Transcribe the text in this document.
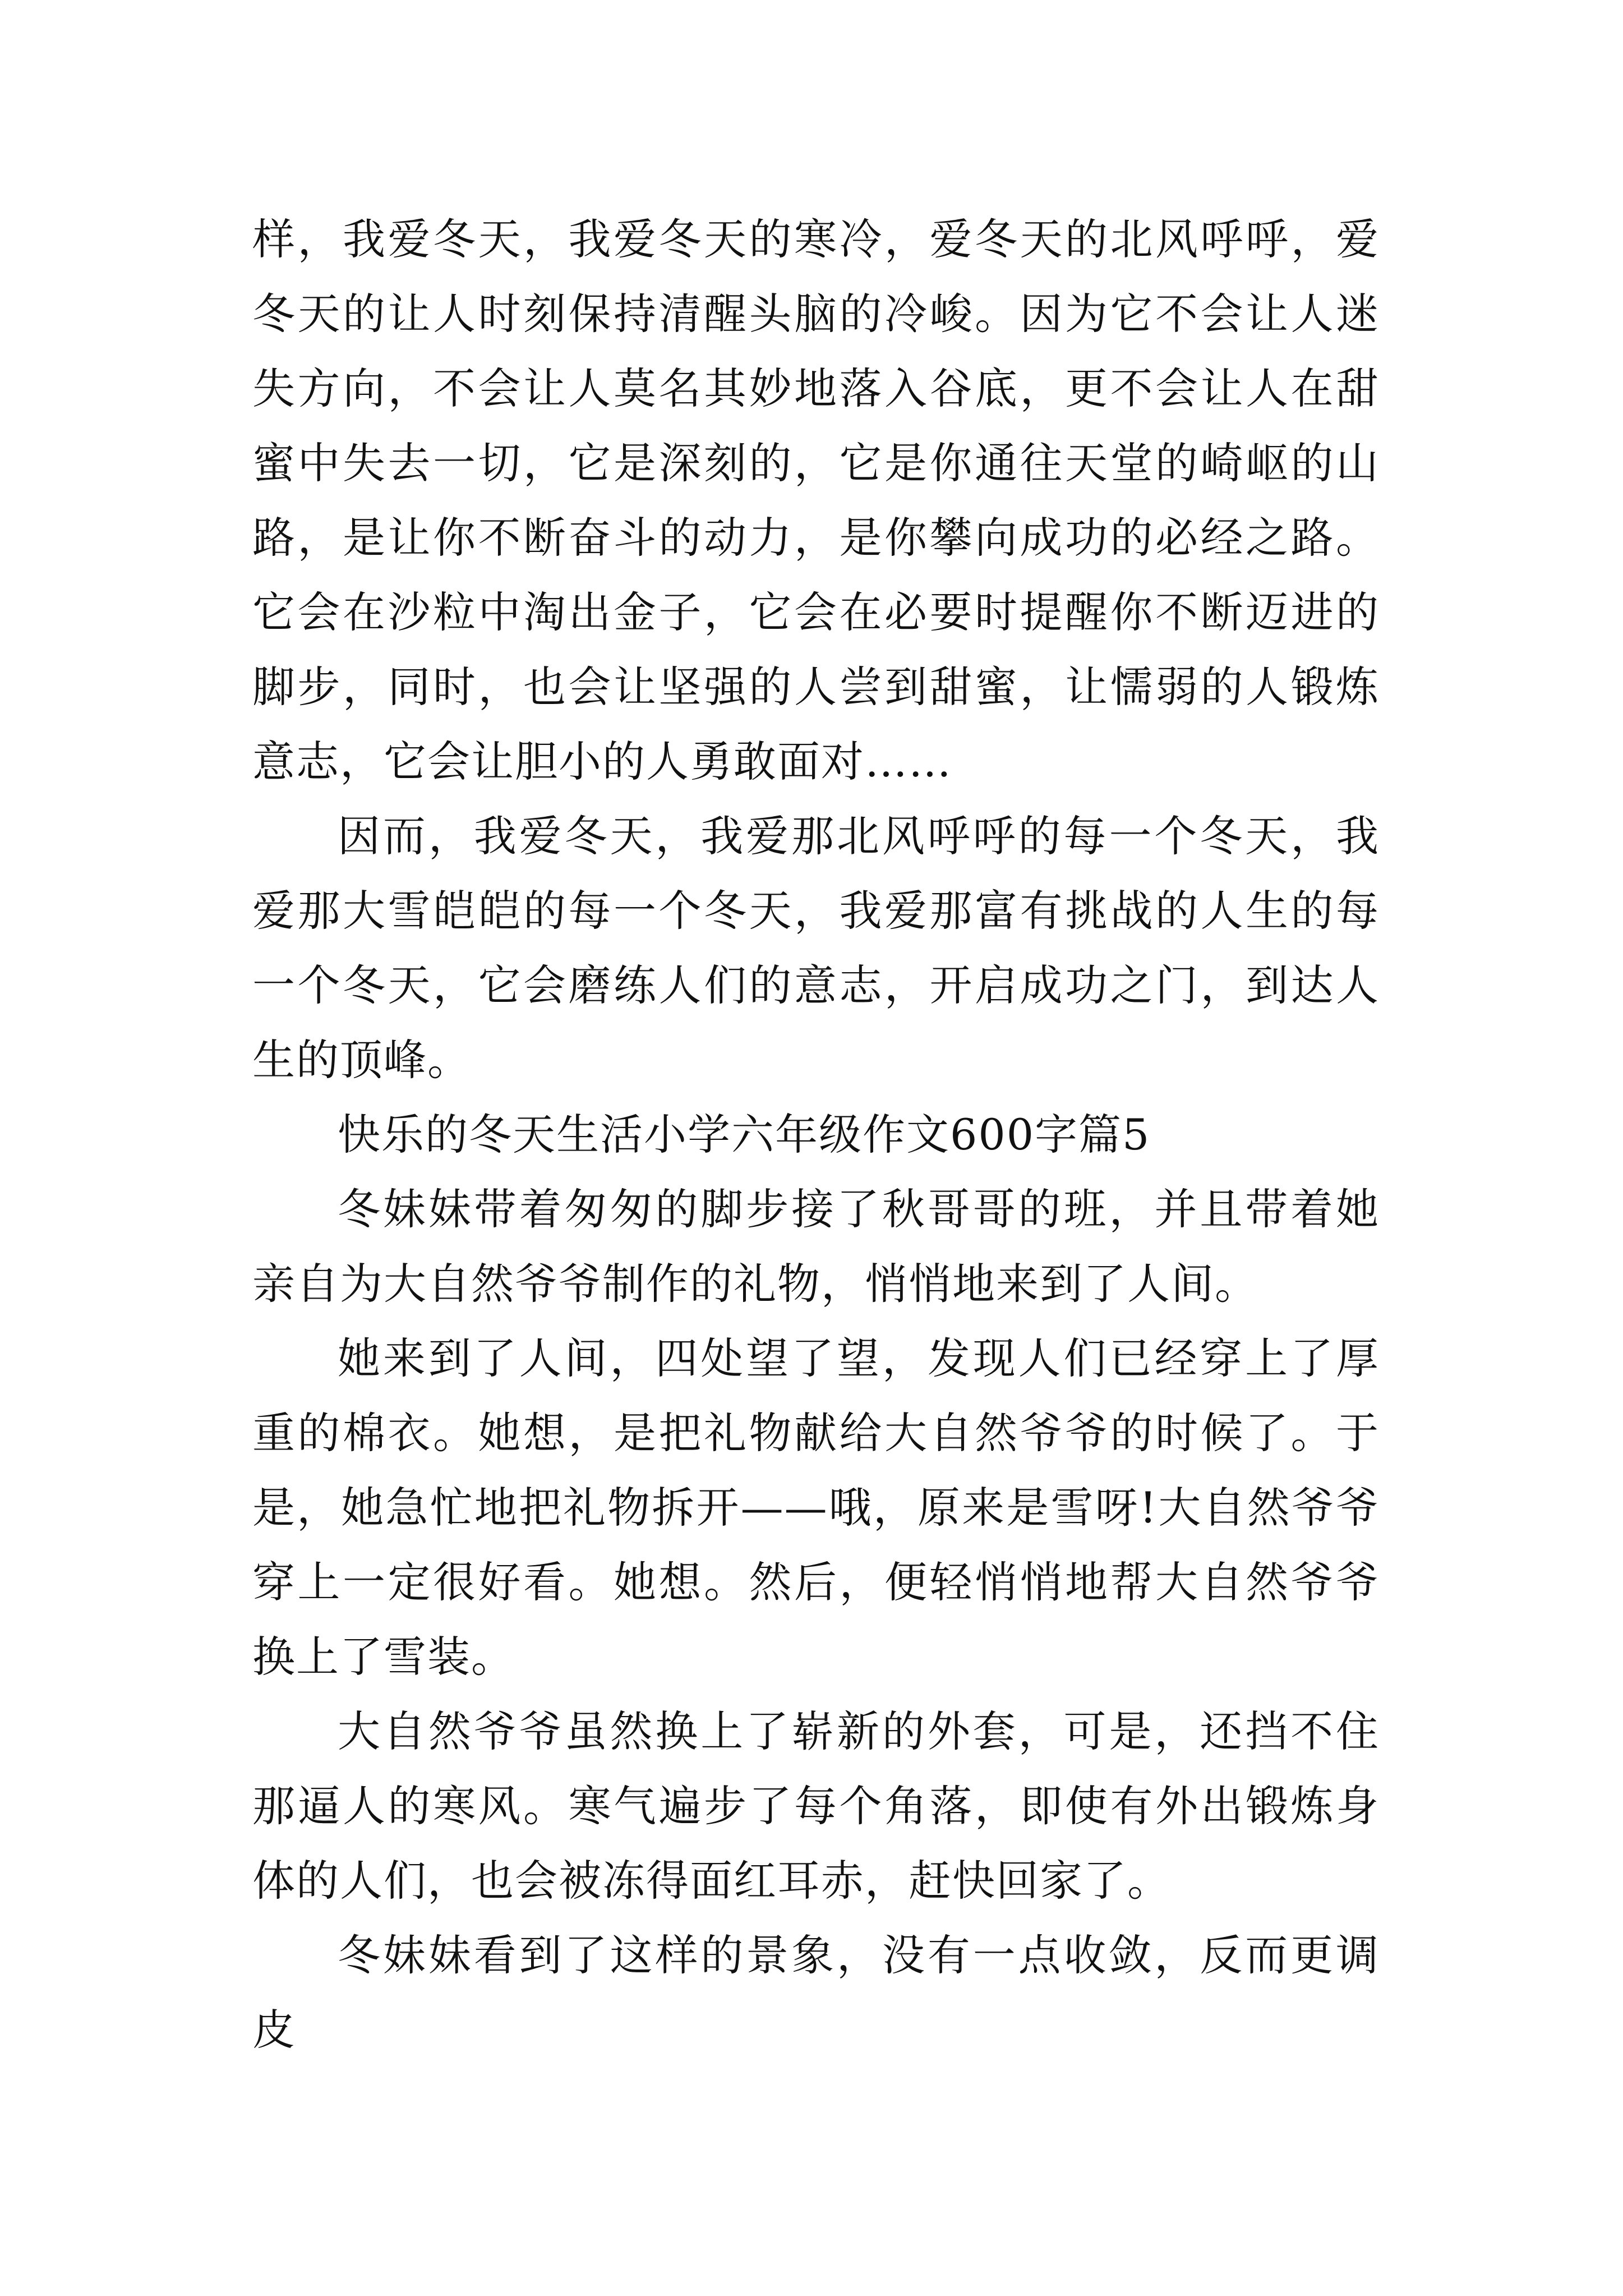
样，我爱冬天，我爱冬天的寒冷，爱冬天的北风呼呼，爱冬天的让人时刻保持清醒头脑的冷峻。因为它不会让人迷失方向，不会让人莫名其妙地落入谷底，更不会让人在甜蜜中失去一切，它是深刻的，它是你通往天堂的崎岖的山路，是让你不断奋斗的动力，是你攀向成功的必经之路。它会在沙粒中淘出金子，它会在必要时提醒你不断迈进的脚步，同时，也会让坚强的人尝到甜蜜，让懦弱的人锻炼意志，它会让胆小的人勇敢面对……

因而，我爱冬天，我爱那北风呼呼的每一个冬天，我爱那大雪皑皑的每一个冬天，我爱那富有挑战的人生的每一个冬天，它会磨练人们的意志，开启成功之门，到达人生的顶峰。

快乐的冬天生活小学六年级作文600字篇5

冬妹妹带着匆匆的脚步接了秋哥哥的班，并且带着她亲自为大自然爷爷制作的礼物，悄悄地来到了人间。

她来到了人间，四处望了望，发现人们已经穿上了厚重的棉衣。她想，是把礼物献给大自然爷爷的时候了。于是，她急忙地把礼物拆开——哦，原来是雪呀!大自然爷爷穿上一定很好看。她想。然后，便轻悄悄地帮大自然爷爷换上了雪装。

大自然爷爷虽然换上了崭新的外套，可是，还挡不住那逼人的寒风。寒气遍步了每个角落，即使有外出锻炼身体的人们，也会被冻得面红耳赤，赶快回家了。

冬妹妹看到了这样的景象，没有一点收敛，反而更调皮
